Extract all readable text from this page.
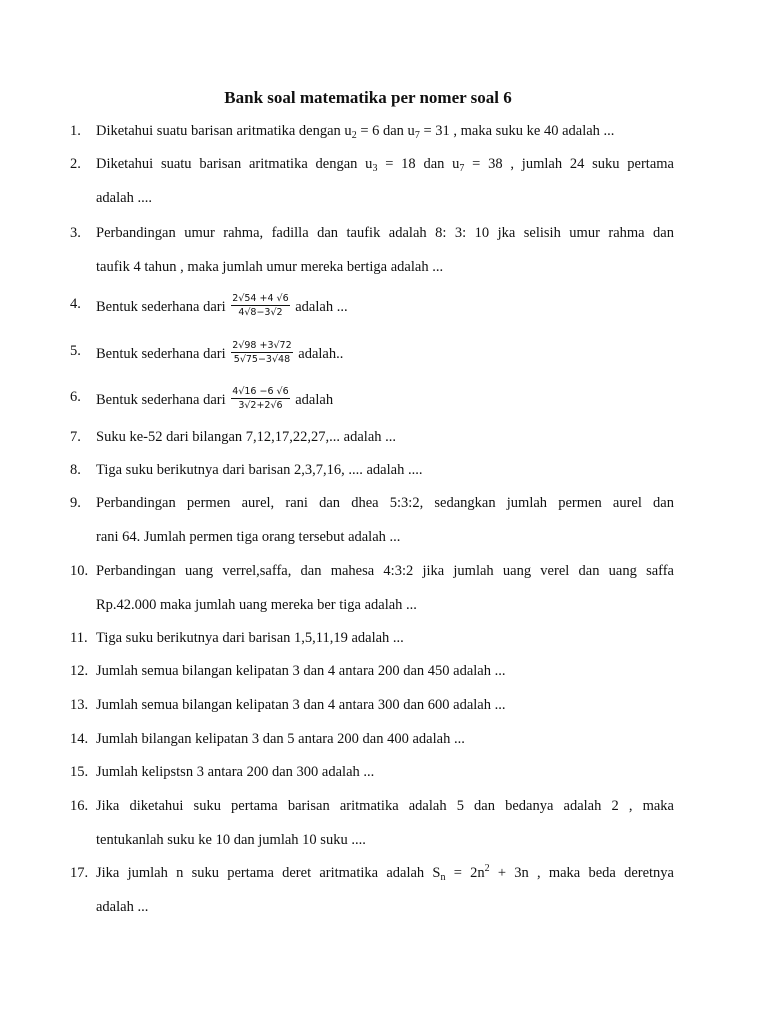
Bank soal matematika per nomer soal 6
1. Diketahui suatu barisan aritmatika dengan $u_2 = 6$ dan $u_7 = 31$ , maka suku ke 40 adalah ...
2. Diketahui suatu barisan aritmatika dengan $u_3 = 18$ dan $u_7 = 38$ , jumlah 24 suku pertama
adalah ....
3. Perbandingan umur rahma, fadilla dan taufik adalah 8: 3: 10 jka selisih umur rahma dan
taufik 4 tahun , maka jumlah umur mereka bertiga adalah ...
4. Bentuk sederhana dari $\frac{2√54 +4 √6}{4√8-3√2}$ adalah ...
5. Bentuk sederhana dari $\frac{2√98 +3√72}{5√75-3√48}$ adalah..
6. Bentuk sederhana dari $\frac{4√16 -6 √6}{3√2+2√6}$ adalah
7. Suku ke-52 dari bilangan 7,12,17,22,27,... adalah ...
8. Tiga suku berikutnya dari barisan 2,3,7,16, .... adalah ....
9. Perbandingan permen aurel, rani dan dhea 5:3:2, sedangkan jumlah permen aurel dan
rani 64. Jumlah permen tiga orang tersebut adalah ...
10. Perbandingan uang verrel,saffa, dan mahesa 4:3:2 jika jumlah uang verel dan uang saffa
Rp.42.000 maka jumlah uang mereka ber tiga adalah ...
11. Tiga suku berikutnya dari barisan 1,5,11,19 adalah ...
12. Jumlah semua bilangan kelipatan 3 dan 4 antara 200 dan 450 adalah ...
13. Jumlah semua bilangan kelipatan 3 dan 4 antara 300 dan 600 adalah ...
14. Jumlah bilangan kelipatan 3 dan 5 antara 200 dan 400 adalah ...
15. Jumlah kelipstsn 3 antara 200 dan 300 adalah ...
16. Jika diketahui suku pertama barisan aritmatika adalah 5 dan bedanya adalah 2 , maka
tentukanlah suku ke 10 dan jumlah 10 suku ....
17. Jika jumlah n suku pertama deret aritmatika adalah $S_n = 2n^2 + 3n$ , maka beda deretnya
adalah ...
